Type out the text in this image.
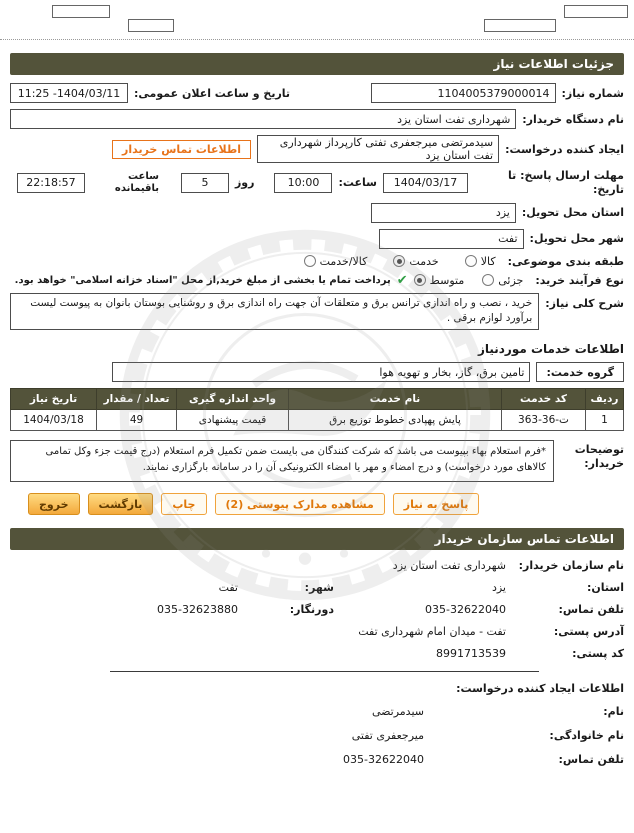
جزئیات اطلاعات نیاز
شماره نیاز:
1104005379000014
تاریخ و ساعت اعلان عمومی:
1404/03/11- 11:25
نام دستگاه خریدار:
شهرداری تفت استان یزد
ایجاد کننده درخواست:
سیدمرتضی میرجعفری تفتی کارپرداز شهرداری تفت استان یزد
اطلاعات تماس خریدار
مهلت ارسال پاسخ: تا تاریخ:
1404/03/17
ساعت:
10:00
روز
5
ساعت باقیمانده
22:18:57
استان محل تحویل:
یزد
شهر محل تحویل:
تفت
طبقه بندی موضوعی:
کالا
خدمت
کالا/خدمت
نوع فرآیند خرید:
جزئی
متوسط
✔
پرداخت تمام یا بخشی از مبلغ خرید,از محل "اسناد خزانه اسلامی" خواهد بود.
شرح کلی نیاز:
خرید ، نصب و راه اندازی ترانس برق و متعلقات آن جهت راه اندازی برق و روشنایی بوستان بانوان به پیوست لیست برآورد لوازم برقی .
اطلاعات خدمات موردنیاز
گروه خدمت:
تامین برق، گاز، بخار و تهویه هوا
ردیف	کد خدمت	نام خدمت	واحد اندازه گیری	تعداد / مقدار	تاریخ نیاز
1	ت-36-363	پایش پهپادی خطوط توزیع برق	قیمت پیشنهادی	49	1404/03/18
توضیحات خریدار:
*فرم استعلام بهاء بپیوست می باشد که شرکت کنندگان می بایست ضمن تکمیل فرم استعلام (درج قیمت جزء وکل تمامی کالاهای مورد درخواست) و درج امضاء و مهر یا امضاء الکترونیکی آن را در سامانه بارگزاری نمایند.
پاسخ به نیاز
مشاهده مدارک پیوستی (2)
چاپ
بازگشت
خروج
اطلاعات تماس سازمان خریدار
نام سازمان خریدار:
شهرداری تفت استان یزد
استان:
یزد
شهر:
تفت
تلفن تماس:
035-32622040
دورنگار:
035-32623880
آدرس پستی:
تفت - میدان امام شهرداری تفت
کد پستی:
8991713539
اطلاعات ایجاد کننده درخواست:
نام:
سیدمرتضی
نام خانوادگی:
میرجعفری تفتی
تلفن تماس:
035-32622040
